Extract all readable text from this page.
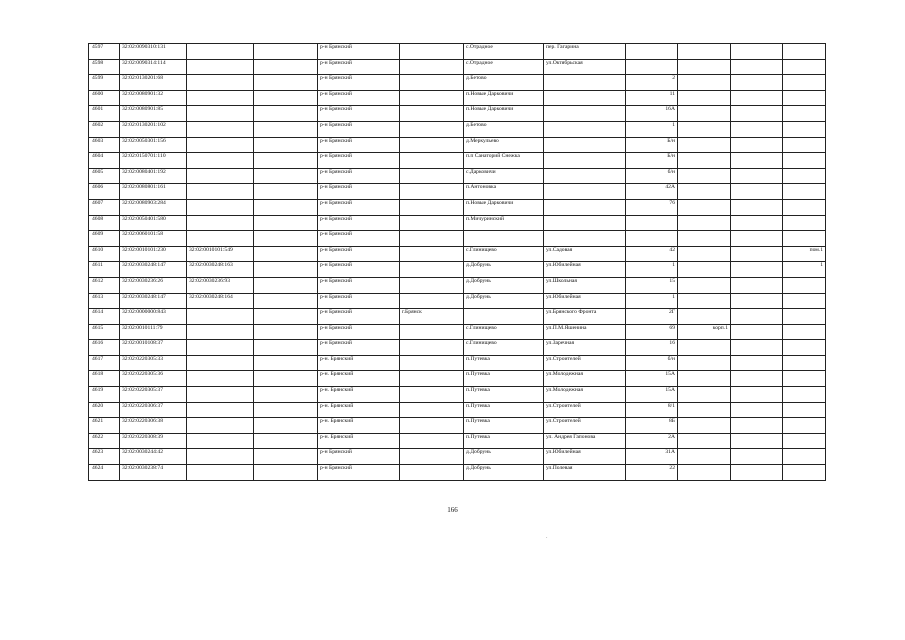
4597	32:02:0090310:131			р-н Брянский		с.Отрадное	пер. Гагарина				
4598	32:02:0090314:114			р-н Брянский		с.Отрадное	ул.Октябрьская				
4599	32:02:0130201:68			р-н Брянский		д.Бетово		2			
4600	32:02:0080901:32			р-н Брянский		п.Новые Дарковичи		11			
4601	32:02:0080901:85			р-н Брянский		п.Новые Дарковичи		16А			
4602	32:02:0130201:102			р-н Брянский		д.Бетово		1			
4603	32:02:0050301:156			р-н Брянский		д.Меркульево		Б/н			
4604	32:02:0150701:110			р-н Брянский		п.п Санаторий Снежка		Б/н			
4605	32:02:0080401:192			р-н Брянский		с.Дарковичи		б/н			
4606	32:02:0080801:161			р-н Брянский		п.Антоновка		42А			
4607	32:02:0080903:284			р-н Брянский		п.Новые Дарковичи		76			
4608	32:02:0050401:580			р-н Брянский		п.Мичуринский					
4609	32:02:0060101:58			р-н Брянский							
4610	32:02:0010101:230	32:02:0010101:549		р-н Брянский		с.Глинищево	ул.Садовая	42			пом.1
4611	32:02:0030248:147	32:02:0030248:163		р-н Брянский		д.Добрунь	ул.Юбилейная	1			1
4612	32:02:0030236:26	32:02:0030236:93		р-н Брянский		д.Добрунь	ул.Школьная	15			
4613	32:02:0030248:147	32:02:0030248:164		р-н Брянский		д.Добрунь	ул.Юбилейная	1			
4614	32:02:0000000:843			р-н Брянский	г.Брянск		ул.Брянского Фронта	2Г			
4615	32:02:0010111:79			р-н Брянский		с.Глинищево	ул.П.М.Яшенина	69	корп.1		
4616	32:02:0010108:37			р-н Брянский		с.Глинищево	ул.Заречная	16			
4617	32:02:0220305:33			р-н. Брянский		п.Путевка	ул.Строителей	б/н			
4618	32:02:0220305:36			р-н. Брянский		п.Путевка	ул.Молодежная	15А			
4619	32:02:0220305:37			р-н. Брянский		п.Путевка	ул.Молодежная	15А			
4620	32:02:0220306:37			р-н. Брянский		п.Путевка	ул.Строителей	8/1			
4621	32:02:0220306:38			р-н. Брянский		п.Путевка	ул.Строителей	8Б			
4622	32:02:0220308:39			р-н. Брянский		п.Путевка	ул. Андрея Гапонова	2А			
4623	32:02:0030244:42			р-н Брянский		д.Добрунь	ул.Юбилейная	31А			
4624	32:02:0030238:74			р-н Брянский		д.Добрунь	ул.Полевая	22			
166
.
